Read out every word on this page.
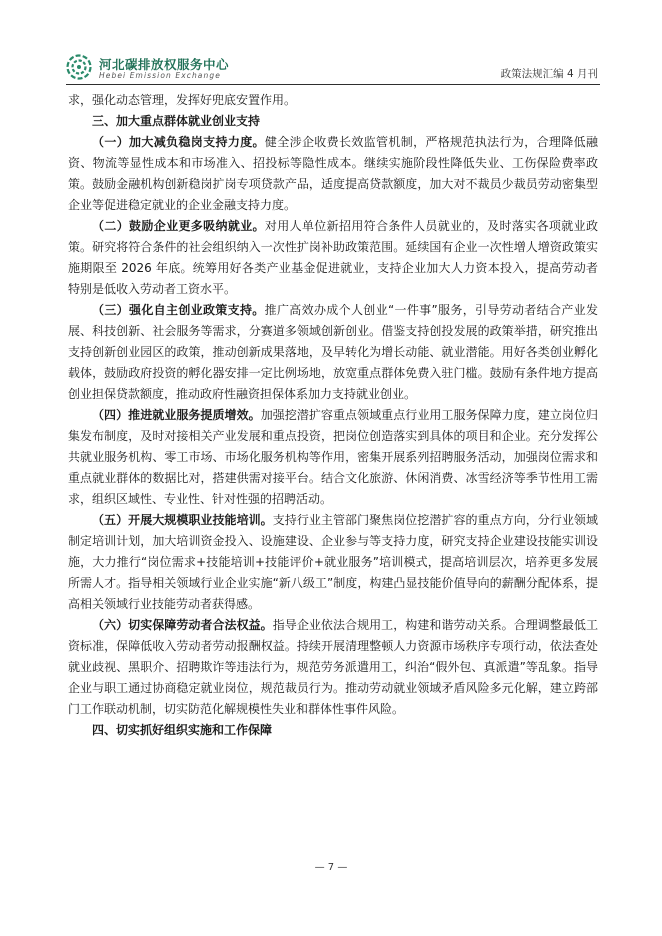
河北碳排放权服务中心
Hebei Emission Exchange	政策法规汇编 4 月刊

求，强化动态管理，发挥好兜底安置作用。

三、加大重点群体就业创业支持

（一）加大减负稳岗支持力度。健全涉企收费长效监管机制，严格规范执法行为，合理降低融资、物流等显性成本和市场准入、招投标等隐性成本。继续实施阶段性降低失业、工伤保险费率政策。鼓励金融机构创新稳岗扩岗专项贷款产品，适度提高贷款额度，加大对不裁员少裁员劳动密集型企业等促进稳定就业的企业金融支持力度。

（二）鼓励企业更多吸纳就业。对用人单位新招用符合条件人员就业的，及时落实各项就业政策。研究将符合条件的社会组织纳入一次性扩岗补助政策范围。延续国有企业一次性增人增资政策实施期限至 2026 年底。统筹用好各类产业基金促进就业，支持企业加大人力资本投入，提高劳动者特别是低收入劳动者工资水平。

（三）强化自主创业政策支持。推广高效办成个人创业“一件事”服务，引导劳动者结合产业发展、科技创新、社会服务等需求，分赛道多领域创新创业。借鉴支持创投发展的政策举措，研究推出支持创新创业园区的政策，推动创新成果落地，及早转化为增长动能、就业潜能。用好各类创业孵化载体，鼓励政府投资的孵化器安排一定比例场地，放宽重点群体免费入驻门槛。鼓励有条件地方提高创业担保贷款额度，推动政府性融资担保体系加力支持就业创业。

（四）推进就业服务提质增效。加强挖潜扩容重点领域重点行业用工服务保障力度，建立岗位归集发布制度，及时对接相关产业发展和重点投资，把岗位创造落实到具体的项目和企业。充分发挥公共就业服务机构、零工市场、市场化服务机构等作用，密集开展系列招聘服务活动，加强岗位需求和重点就业群体的数据比对，搭建供需对接平台。结合文化旅游、休闲消费、冰雪经济等季节性用工需求，组织区域性、专业性、针对性强的招聘活动。

（五）开展大规模职业技能培训。支持行业主管部门聚焦岗位挖潜扩容的重点方向，分行业领域制定培训计划，加大培训资金投入、设施建设、企业参与等支持力度，研究支持企业建设技能实训设施，大力推行“岗位需求+技能培训+技能评价+就业服务”培训模式，提高培训层次，培养更多发展所需人才。指导相关领域行业企业实施“新八级工”制度，构建凸显技能价值导向的薪酬分配体系，提高相关领域行业技能劳动者获得感。

（六）切实保障劳动者合法权益。指导企业依法合规用工，构建和谐劳动关系。合理调整最低工资标准，保障低收入劳动者劳动报酬权益。持续开展清理整顿人力资源市场秩序专项行动，依法查处就业歧视、黑职介、招聘欺诈等违法行为，规范劳务派遣用工，纠治“假外包、真派遣”等乱象。指导企业与职工通过协商稳定就业岗位，规范裁员行为。推动劳动就业领域矛盾风险多元化解，建立跨部门工作联动机制，切实防范化解规模性失业和群体性事件风险。

四、切实抓好组织实施和工作保障

— 7 —
